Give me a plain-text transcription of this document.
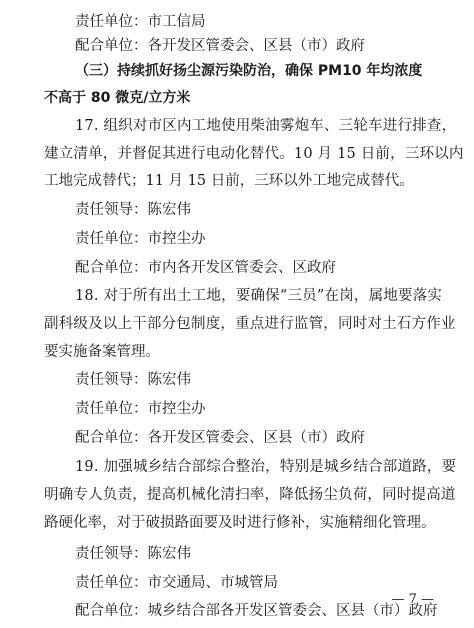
责任单位：市工信局
配合单位：各开发区管委会、区县（市）政府
（三）持续抓好扬尘源污染防治，确保 PM10 年均浓度
不高于 80 微克/立方米
17. 组织对市区内工地使用柴油雾炮车、三轮车进行排查，
建立清单，并督促其进行电动化替代。10 月 15 日前，三环以内
工地完成替代；11 月 15 日前，三环以外工地完成替代。
责任领导：陈宏伟
责任单位：市控尘办
配合单位：市内各开发区管委会、区政府
18. 对于所有出土工地，要确保“三员”在岗，属地要落实
副科级及以上干部分包制度，重点进行监管，同时对土石方作业
要实施备案管理。
责任领导：陈宏伟
责任单位：市控尘办
配合单位：各开发区管委会、区县（市）政府
19. 加强城乡结合部综合整治，特别是城乡结合部道路，要
明确专人负责，提高机械化清扫率，降低扬尘负荷，同时提高道
路硬化率，对于破损路面要及时进行修补，实施精细化管理。
责任领导：陈宏伟
责任单位：市交通局、市城管局
— 7 —
配合单位：城乡结合部各开发区管委会、区县（市）政府
